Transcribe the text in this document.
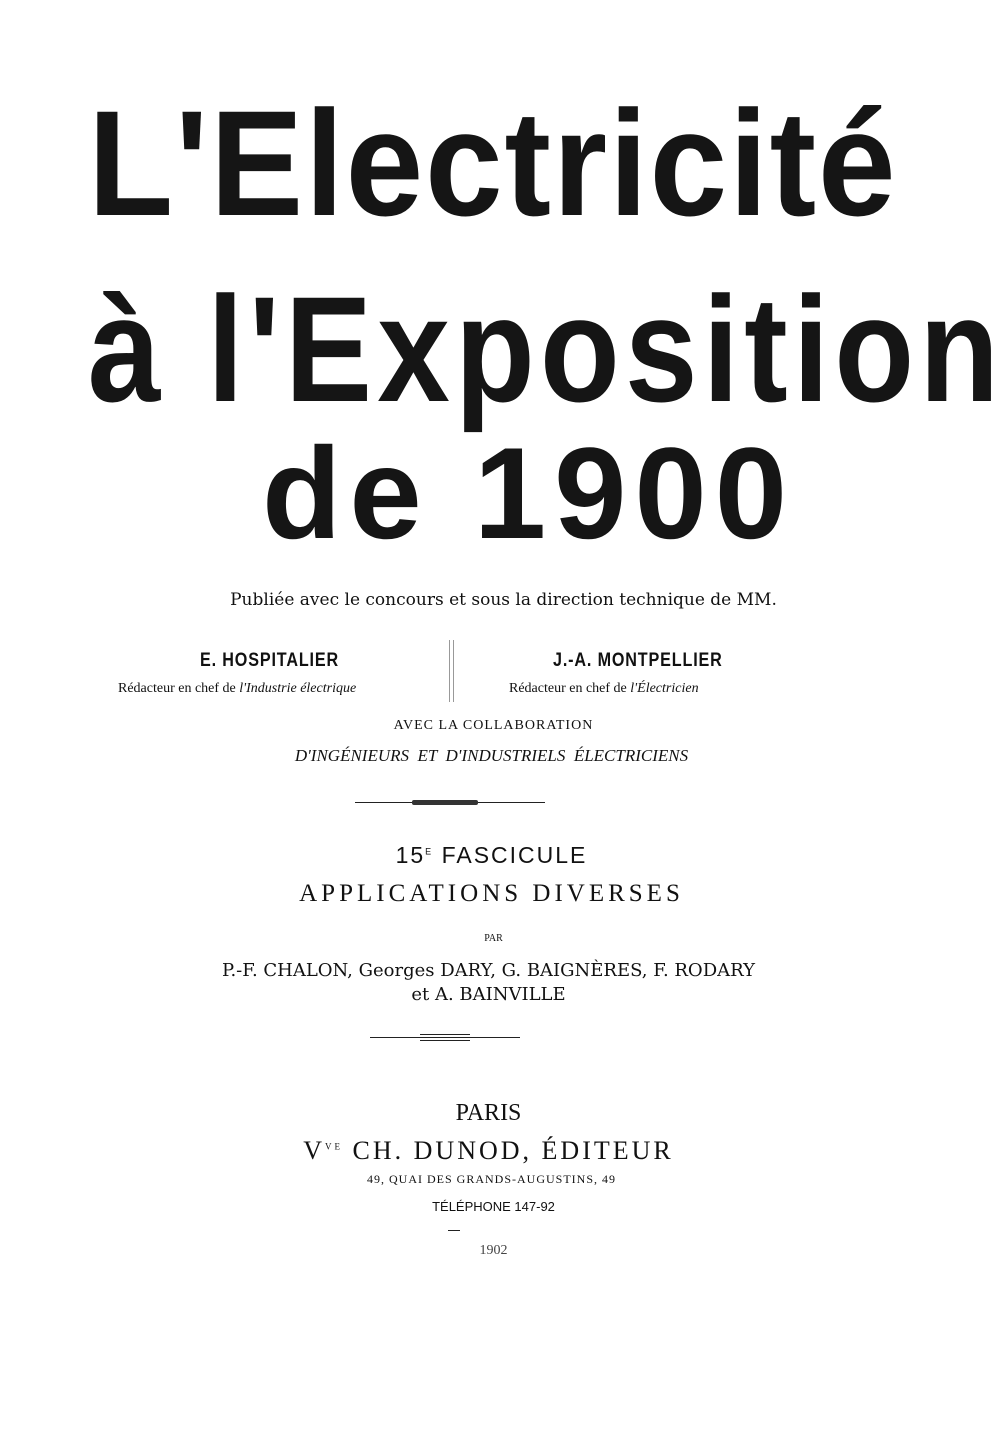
L'Electricité
à l'Exposition
de 1900
Publiée avec le concours et sous la direction technique de MM.
E. HOSPITALIER
Rédacteur en chef de l'Industrie électrique
J.-A. MONTPELLIER
Rédacteur en chef de l'Électricien
AVEC LA COLLABORATION
D'INGÉNIEURS  ET  D'INDUSTRIELS  ÉLECTRICIENS
$15^E$ FASCICULE
APPLICATIONS DIVERSES
PAR
P.-F. CHALON, Georges DARY, G. BAIGNÈRES, F. RODARY
et A. BAINVILLE
PARIS
$V^{VE}$ CH. DUNOD, ÉDITEUR
49, QUAI DES GRANDS-AUGUSTINS, 49
TÉLÉPHONE 147-92
1902
